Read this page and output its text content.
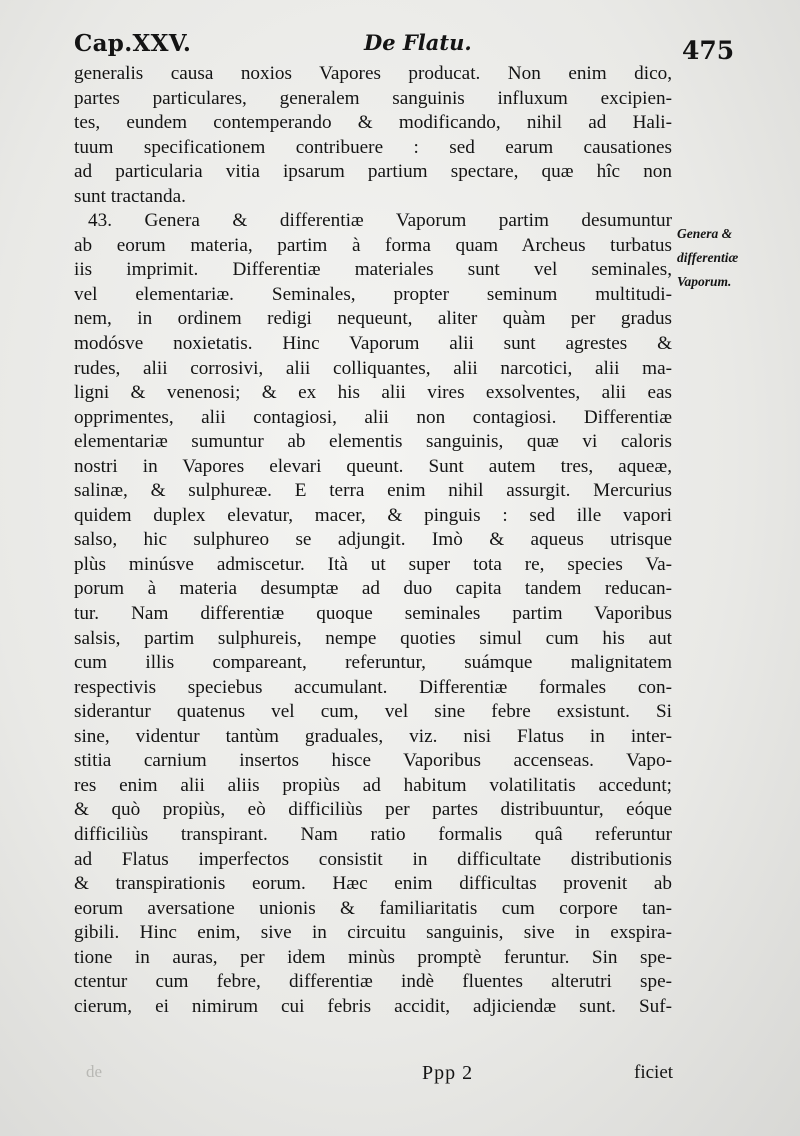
Cap.XXV.	De Flatu.	475
generalis causa noxios Vapores producat. Non enim dico,
partes particulares, generalem sanguinis influxum excipien-
tes, eundem contemperando & modificando, nihil ad Hali-
tuum specificationem contribuere : sed earum causationes
ad particularia vitia ipsarum partium spectare, quæ hîc non
sunt tractanda.
43. Genera & differentiæ Vaporum partim desumuntur
ab eorum materia, partim à forma quam Archeus turbatus
iis imprimit. Differentiæ materiales sunt vel seminales,
vel elementariæ. Seminales, propter seminum multitudi-
nem, in ordinem redigi nequeunt, aliter quàm per gradus
modósve noxietatis. Hinc Vaporum alii sunt agrestes &
rudes, alii corrosivi, alii colliquantes, alii narcotici, alii ma-
ligni & venenosi; & ex his alii vires exsolventes, alii eas
opprimentes, alii contagiosi, alii non contagiosi. Differentiæ
elementariæ sumuntur ab elementis sanguinis, quæ vi caloris
nostri in Vapores elevari queunt. Sunt autem tres, aqueæ,
salinæ, & sulphureæ. E terra enim nihil assurgit. Mercurius
quidem duplex elevatur, macer, & pinguis : sed ille vapori
salso, hic sulphureo se adjungit. Imò & aqueus utrisque
plùs minúsve admiscetur. Ità ut super tota re, species Va-
porum à materia desumptæ ad duo capita tandem reducan-
tur. Nam differentiæ quoque seminales partim Vaporibus
salsis, partim sulphureis, nempe quoties simul cum his aut
cum illis compareant, referuntur, suámque malignitatem
respectivis speciebus accumulant. Differentiæ formales con-
siderantur quatenus vel cum, vel sine febre exsistunt. Si
sine, videntur tantùm graduales, viz. nisi Flatus in inter-
stitia carnium insertos hisce Vaporibus accenseas. Vapo-
res enim alii aliis propiùs ad habitum volatilitatis accedunt;
& quò propiùs, eò difficiliùs per partes distribuuntur, eóque
difficiliùs transpirant. Nam ratio formalis quâ referuntur
ad Flatus imperfectos consistit in difficultate distributionis
& transpirationis eorum. Hæc enim difficultas provenit ab
eorum aversatione unionis & familiaritatis cum corpore tan-
gibili. Hinc enim, sive in circuitu sanguinis, sive in exspira-
tione in auras, per idem minùs promptè feruntur. Sin spe-
ctentur cum febre, differentiæ indè fluentes alterutri spe-
cierum, ei nimirum cui febris accidit, adjiciendæ sunt. Suf-
Genera &
differentiæ
Vaporum.
de	Ppp 2	ficiet
